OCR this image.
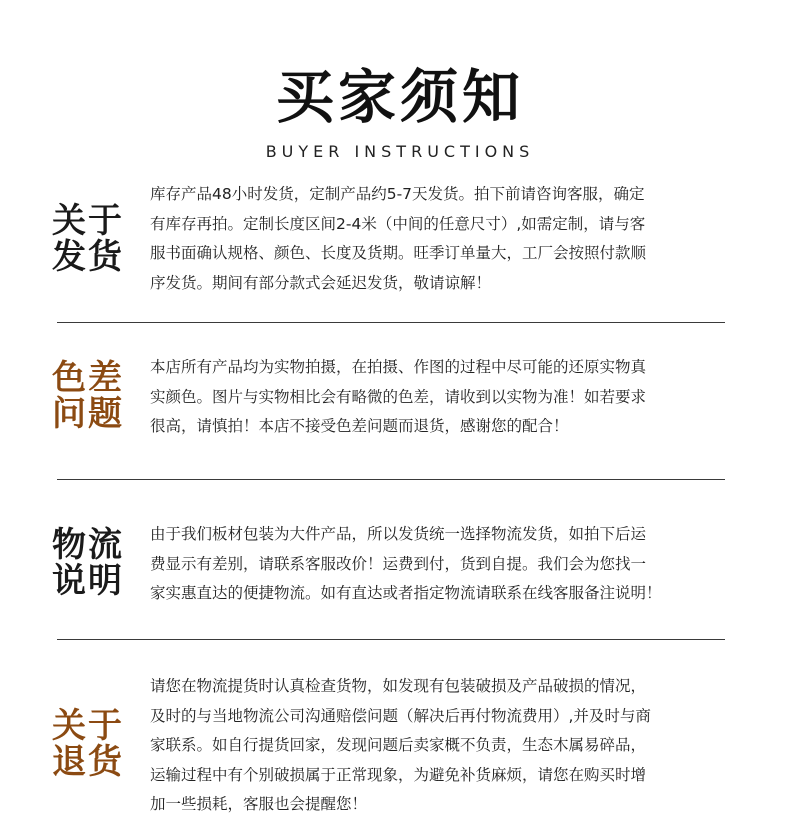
买家须知
BUYER INSTRUCTIONS
关于
发货
库存产品48小时发货，定制产品约5-7天发货。拍下前请咨询客服，确定
有库存再拍。定制长度区间2-4米（中间的任意尺寸）,如需定制，请与客
服书面确认规格、颜色、长度及货期。旺季订单量大，工厂会按照付款顺
序发货。期间有部分款式会延迟发货，敬请谅解！
色差
问题
本店所有产品均为实物拍摄，在拍摄、作图的过程中尽可能的还原实物真
实颜色。图片与实物相比会有略微的色差，请收到以实物为准！如若要求
很高，请慎拍！本店不接受色差问题而退货，感谢您的配合！
物流
说明
由于我们板材包装为大件产品，所以发货统一选择物流发货，如拍下后运
费显示有差别，请联系客服改价！运费到付，货到自提。我们会为您找一
家实惠直达的便捷物流。如有直达或者指定物流请联系在线客服备注说明！
关于
退货
请您在物流提货时认真检查货物，如发现有包装破损及产品破损的情况，
及时的与当地物流公司沟通赔偿问题（解决后再付物流费用）,并及时与商
家联系。如自行提货回家，发现问题后卖家概不负责，生态木属易碎品，
运输过程中有个别破损属于正常现象，为避免补货麻烦，请您在购买时增
加一些损耗，客服也会提醒您！
